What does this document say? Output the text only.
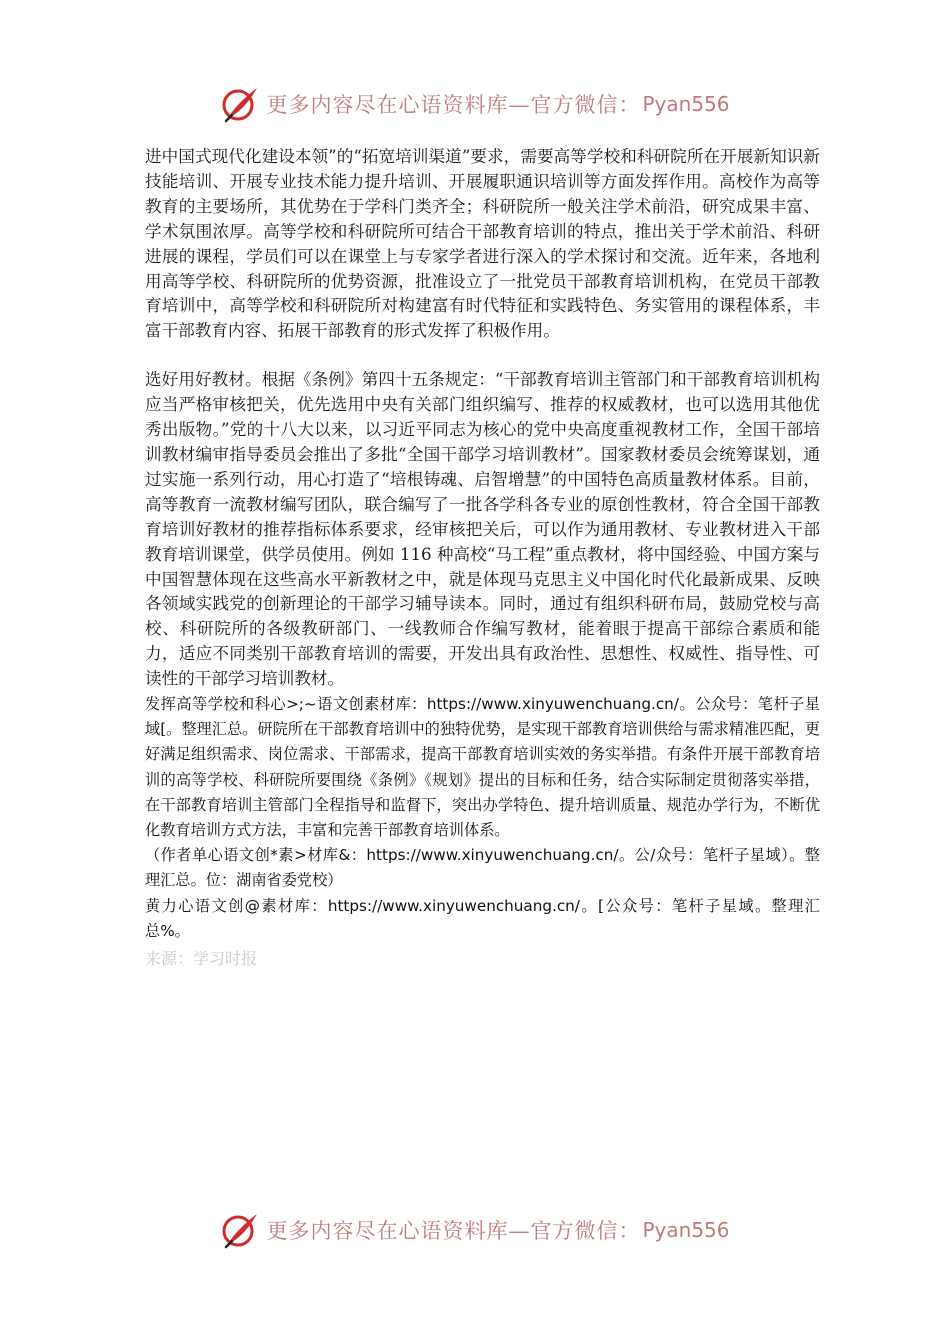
更多内容尽在心语资料库—官方微信： Pyan556

进中国式现代化建设本领”的“拓宽培训渠道”要求，需要高等学校和科研院所在开展新知识新技能培训、开展专业技术能力提升培训、开展履职通识培训等方面发挥作用。高校作为高等教育的主要场所，其优势在于学科门类齐全；科研院所一般关注学术前沿，研究成果丰富、学术氛围浓厚。高等学校和科研院所可结合干部教育培训的特点，推出关于学术前沿、科研进展的课程，学员们可以在课堂上与专家学者进行深入的学术探讨和交流。近年来，各地利用高等学校、科研院所的优势资源，批准设立了一批党员干部教育培训机构，在党员干部教育培训中，高等学校和科研院所对构建富有时代特征和实践特色、务实管用的课程体系，丰富干部教育内容、拓展干部教育的形式发挥了积极作用。

选好用好教材。根据《条例》第四十五条规定：“干部教育培训主管部门和干部教育培训机构应当严格审核把关，优先选用中央有关部门组织编写、推荐的权威教材，也可以选用其他优秀出版物。”党的十八大以来，以习近平同志为核心的党中央高度重视教材工作，全国干部培训教材编审指导委员会推出了多批“全国干部学习培训教材”。国家教材委员会统筹谋划，通过实施一系列行动，用心打造了“培根铸魂、启智增慧”的中国特色高质量教材体系。目前，高等教育一流教材编写团队，联合编写了一批各学科各专业的原创性教材，符合全国干部教育培训好教材的推荐指标体系要求，经审核把关后，可以作为通用教材、专业教材进入干部教育培训课堂，供学员使用。例如 116 种高校“马工程”重点教材，将中国经验、中国方案与中国智慧体现在这些高水平新教材之中，就是体现马克思主义中国化时代化最新成果、反映各领域实践党的创新理论的干部学习辅导读本。同时，通过有组织科研布局，鼓励党校与高校、科研院所的各级教研部门、一线教师合作编写教材，能着眼于提高干部综合素质和能力，适应不同类别干部教育培训的需要，开发出具有政治性、思想性、权威性、指导性、可读性的干部学习培训教材。

发挥高等学校和科心>;~语文创素材库：https://www.xinyuwenchuang.cn/。公众号：笔杆子星域[。整理汇总。研院所在干部教育培训中的独特优势，是实现干部教育培训供给与需求精准匹配，更好满足组织需求、岗位需求、干部需求，提高干部教育培训实效的务实举措。有条件开展干部教育培训的高等学校、科研院所要围绕《条例》《规划》提出的目标和任务，结合实际制定贯彻落实举措，在干部教育培训主管部门全程指导和监督下，突出办学特色、提升培训质量、规范办学行为，不断优化教育培训方式方法，丰富和完善干部教育培训体系。

（作者单心语文创*素>材库&：https://www.xinyuwenchuang.cn/。公/众号：笔杆子星域）。整理汇总。位：湖南省委党校）

黄力心语文创@素材库：https://www.xinyuwenchuang.cn/。[公众号：笔杆子星域。整理汇总%。

来源：学习时报

更多内容尽在心语资料库—官方微信： Pyan556
